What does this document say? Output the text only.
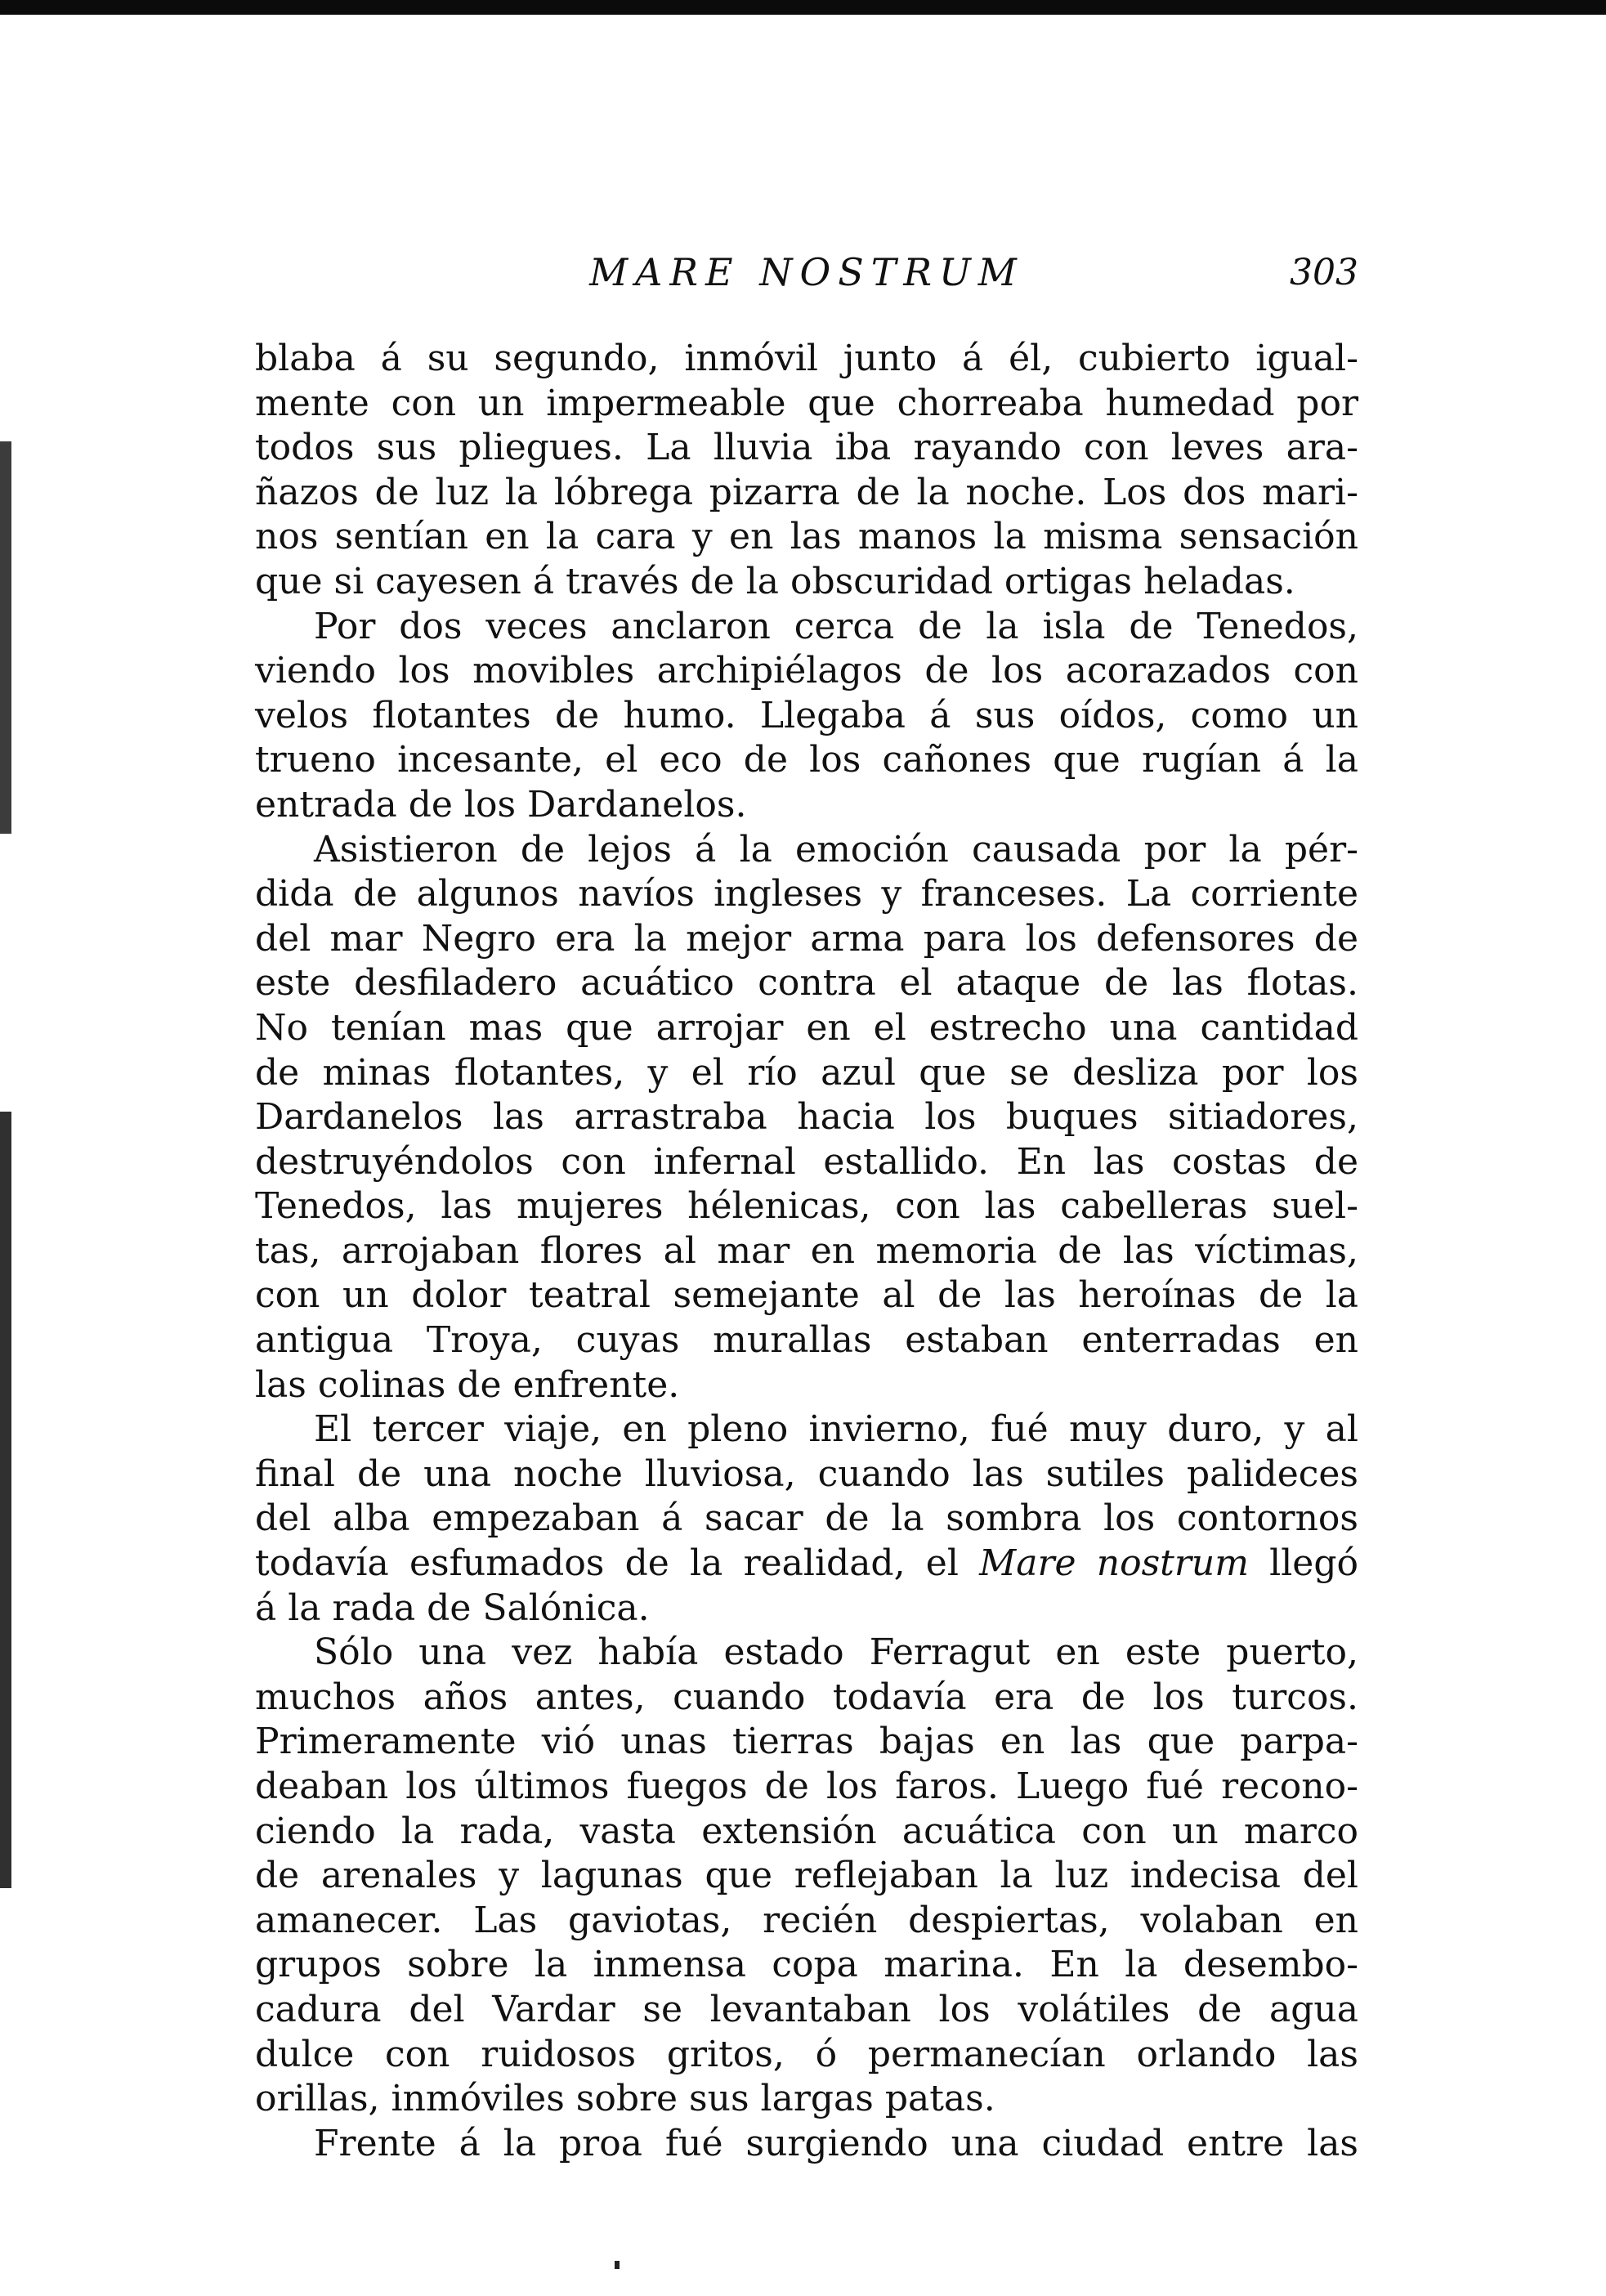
MARE NOSTRUM	303
blaba á su segundo, inmóvil junto á él, cubierto igual-
mente con un impermeable que chorreaba humedad por
todos sus pliegues. La lluvia iba rayando con leves ara-
ñazos de luz la lóbrega pizarra de la noche. Los dos mari-
nos sentían en la cara y en las manos la misma sensación
que si cayesen á través de la obscuridad ortigas heladas.
Por dos veces anclaron cerca de la isla de Tenedos,
viendo los movibles archipiélagos de los acorazados con
velos flotantes de humo. Llegaba á sus oídos, como un
trueno incesante, el eco de los cañones que rugían á la
entrada de los Dardanelos.
Asistieron de lejos á la emoción causada por la pér-
dida de algunos navíos ingleses y franceses. La corriente
del mar Negro era la mejor arma para los defensores de
este desfiladero acuático contra el ataque de las flotas.
No tenían mas que arrojar en el estrecho una cantidad
de minas flotantes, y el río azul que se desliza por los
Dardanelos las arrastraba hacia los buques sitiadores,
destruyéndolos con infernal estallido. En las costas de
Tenedos, las mujeres hélenicas, con las cabelleras suel-
tas, arrojaban flores al mar en memoria de las víctimas,
con un dolor teatral semejante al de las heroínas de la
antigua Troya, cuyas murallas estaban enterradas en
las colinas de enfrente.
El tercer viaje, en pleno invierno, fué muy duro, y al
final de una noche lluviosa, cuando las sutiles palideces
del alba empezaban á sacar de la sombra los contornos
todavía esfumados de la realidad, el Mare nostrum llegó
á la rada de Salónica.
Sólo una vez había estado Ferragut en este puerto,
muchos años antes, cuando todavía era de los turcos.
Primeramente vió unas tierras bajas en las que parpa-
deaban los últimos fuegos de los faros. Luego fué recono-
ciendo la rada, vasta extensión acuática con un marco
de arenales y lagunas que reflejaban la luz indecisa del
amanecer. Las gaviotas, recién despiertas, volaban en
grupos sobre la inmensa copa marina. En la desembo-
cadura del Vardar se levantaban los volátiles de agua
dulce con ruidosos gritos, ó permanecían orlando las
orillas, inmóviles sobre sus largas patas.
Frente á la proa fué surgiendo una ciudad entre las
